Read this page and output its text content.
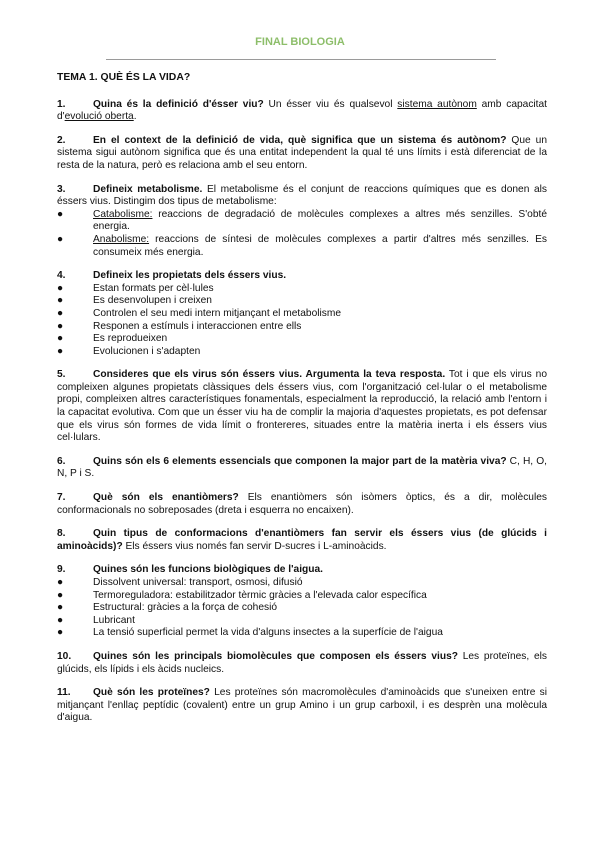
FINAL BIOLOGIA
TEMA 1. QUÈ ÉS LA VIDA?

1.	Quina és la definició d'ésser viu? Un ésser viu és qualsevol sistema autònom amb capacitat d'evolució oberta.

2.	En el context de la definició de vida, què significa que un sistema és autònom? Que un sistema sigui autònom significa que és una entitat independent la qual té uns límits i està diferenciat de la resta de la natura, però es relaciona amb el seu entorn.

3.	Defineix metabolisme. El metabolisme és el conjunt de reaccions químiques que es donen als éssers vius. Distingim dos tipus de metabolisme:
●	Catabolisme: reaccions de degradació de molècules complexes a altres més senzilles. S'obté energia.
●	Anabolisme: reaccions de síntesi de molècules complexes a partir d'altres més senzilles. Es consumeix més energia.
4.	Defineix les propietats dels éssers vius.
●	Estan formats per cèl·lules
●	Es desenvolupen i creixen
●	Controlen el seu medi intern mitjançant el metabolisme
●	Responen a estímuls i interaccionen entre ells
●	Es reprodueixen
●	Evolucionen i s'adapten

5.	Consideres que els virus són éssers vius. Argumenta la teva resposta. Tot i que els virus no compleixen algunes propietats clàssiques dels éssers vius, com l'organització cel·lular o el metabolisme propi, compleixen altres característiques fonamentals, especialment la reproducció, la relació amb l'entorn i la capacitat evolutiva. Com que un ésser viu ha de complir la majoria d'aquestes propietats, es pot defensar que els virus són formes de vida límit o frontereres, situades entre la matèria inerta i els éssers vius cel·lulars.

6.	Quins són els 6 elements essencials que componen la major part de la matèria viva? C, H, O, N, P i S.

7.	Què són els enantiòmers? Els enantiòmers són isòmers òptics, és a dir, molècules conformacionals no sobreposades (dreta i esquerra no encaixen).

8.	Quin tipus de conformacions d'enantiòmers fan servir els éssers vius (de glúcids i aminoàcids)? Els éssers vius només fan servir D-sucres i L-aminoàcids.

9.	Quines són les funcions biològiques de l'aigua.
●	Dissolvent universal: transport, osmosi, difusió
●	Termoreguladora: estabilitzador tèrmic gràcies a l'elevada calor específica
●	Estructural: gràcies a la força de cohesió
●	Lubricant
●	La tensió superficial permet la vida d'alguns insectes a la superfície de l'aigua

10. Quines són les principals biomolècules que composen els éssers vius? Les proteïnes, els glúcids, els lípids i els àcids nucleics.

11. Què són les proteïnes? Les proteïnes són macromolècules d'aminoàcids que s'uneixen entre si mitjançant l'enllaç peptídic (covalent) entre un grup Amino i un grup carboxil, i es desprèn una molècula d'aigua.
